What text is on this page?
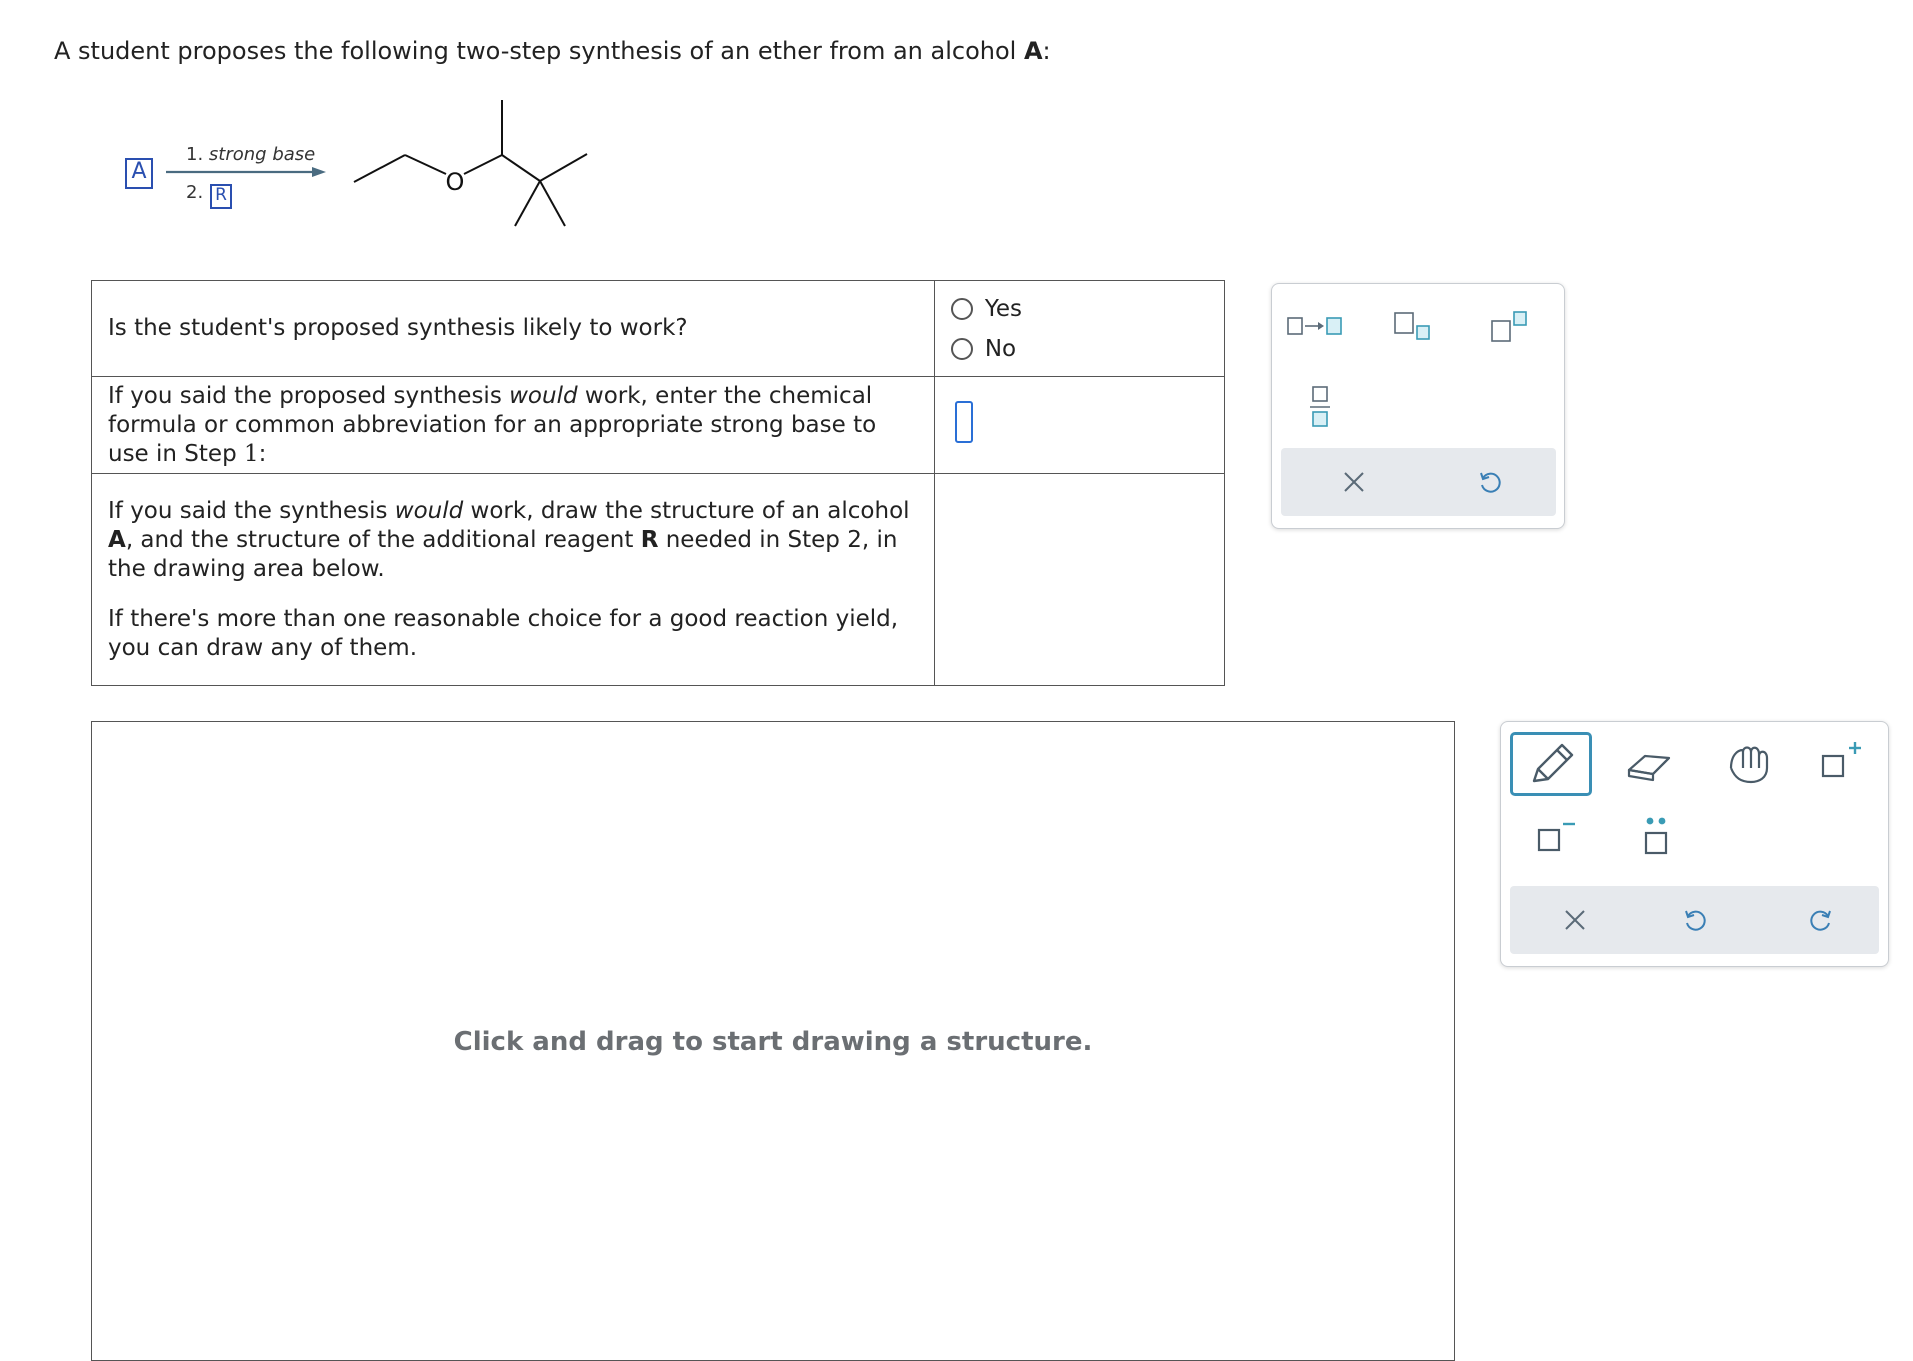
A student proposes the following two-step synthesis of an ether from an alcohol A:
A
1. strong base
2. R	O

Is the student's proposed synthesis likely to work?	Yes
No

If you said the proposed synthesis would work, enter the chemical formula or common abbreviation for an appropriate strong base to use in Step 1:	

If you said the synthesis would work, draw the structure of an alcohol A, and the structure of the additional reagent R needed in Step 2, in the drawing area below.

If there's more than one reasonable choice for a good reaction yield, you can draw any of them.	

Click and drag to start drawing a structure.
